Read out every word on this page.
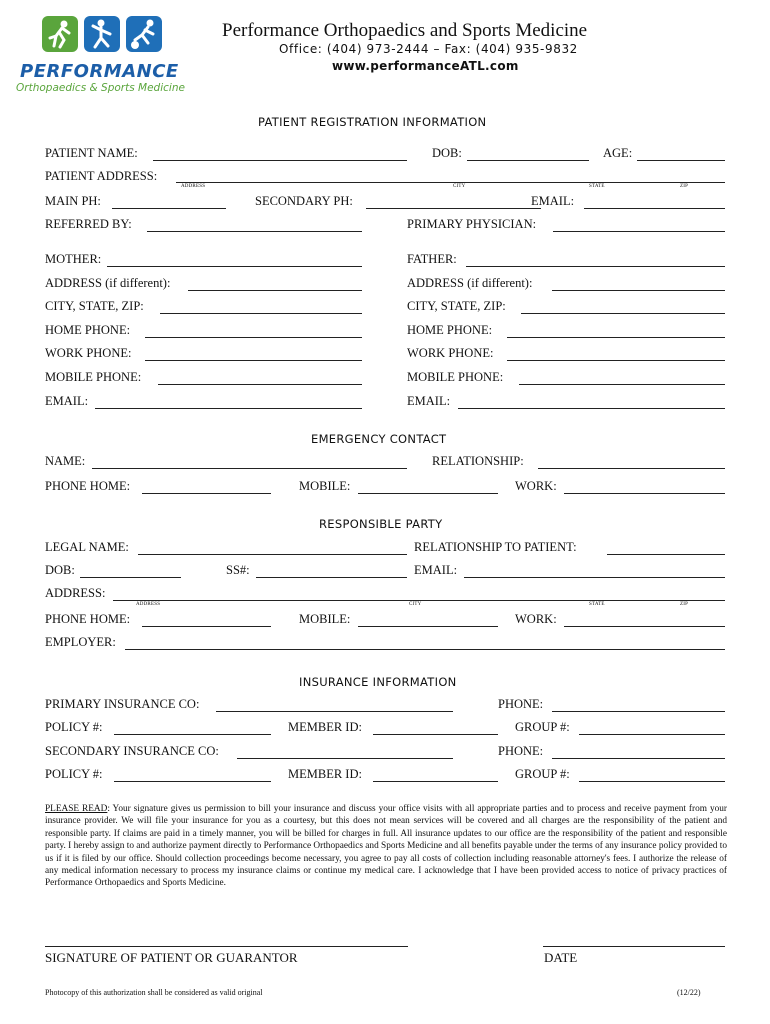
PERFORMANCE
Orthopaedics & Sports Medicine
Performance Orthopaedics and Sports Medicine
Office: (404) 973-2444 – Fax: (404) 935-9832
www.performanceATL.com
PATIENT REGISTRATION INFORMATION
PATIENT NAME:	DOB:	AGE:
PATIENT ADDRESS:
ADDRESS	CITY	STATE	ZIP
MAIN PH:	SECONDARY PH:	EMAIL:
REFERRED BY:	PRIMARY PHYSICIAN:
MOTHER:	FATHER:
ADDRESS (if different):	ADDRESS (if different):
CITY, STATE, ZIP:	CITY, STATE, ZIP:
HOME PHONE:	HOME PHONE:
WORK PHONE:	WORK PHONE:
MOBILE PHONE:	MOBILE PHONE:
EMAIL:	EMAIL:
EMERGENCY CONTACT
NAME:	RELATIONSHIP:
PHONE HOME:	MOBILE:	WORK:
RESPONSIBLE PARTY
LEGAL NAME:	RELATIONSHIP TO PATIENT:
DOB:	SS#:	EMAIL:
ADDRESS:
ADDRESS	CITY	STATE	ZIP
PHONE HOME:	MOBILE:	WORK:
EMPLOYER:
INSURANCE INFORMATION
PRIMARY INSURANCE CO:	PHONE:
POLICY #:	MEMBER ID:	GROUP #:
SECONDARY INSURANCE CO:	PHONE:
POLICY #:	MEMBER ID:	GROUP #:
PLEASE READ: Your signature gives us permission to bill your insurance and discuss your office visits with all appropriate parties and to process and receive payment from your insurance provider. We will file your insurance for you as a courtesy, but this does not mean services will be covered and all charges are the responsibility of the patient and responsible party. If claims are paid in a timely manner, you will be billed for charges in full. All insurance updates to our office are the responsibility of the patient and responsible party. I hereby assign to and authorize payment directly to Performance Orthopaedics and Sports Medicine and all benefits payable under the terms of any insurance policy provided to us if it is filed by our office. Should collection proceedings become necessary, you agree to pay all costs of collection including reasonable attorney's fees. I authorize the release of any medical information necessary to process my insurance claims or continue my medical care. I acknowledge that I have been provided access to notice of privacy practices of Performance Orthopaedics and Sports Medicine.
SIGNATURE OF PATIENT OR GUARANTOR	DATE
Photocopy of this authorization shall be considered as valid original	(12/22)
